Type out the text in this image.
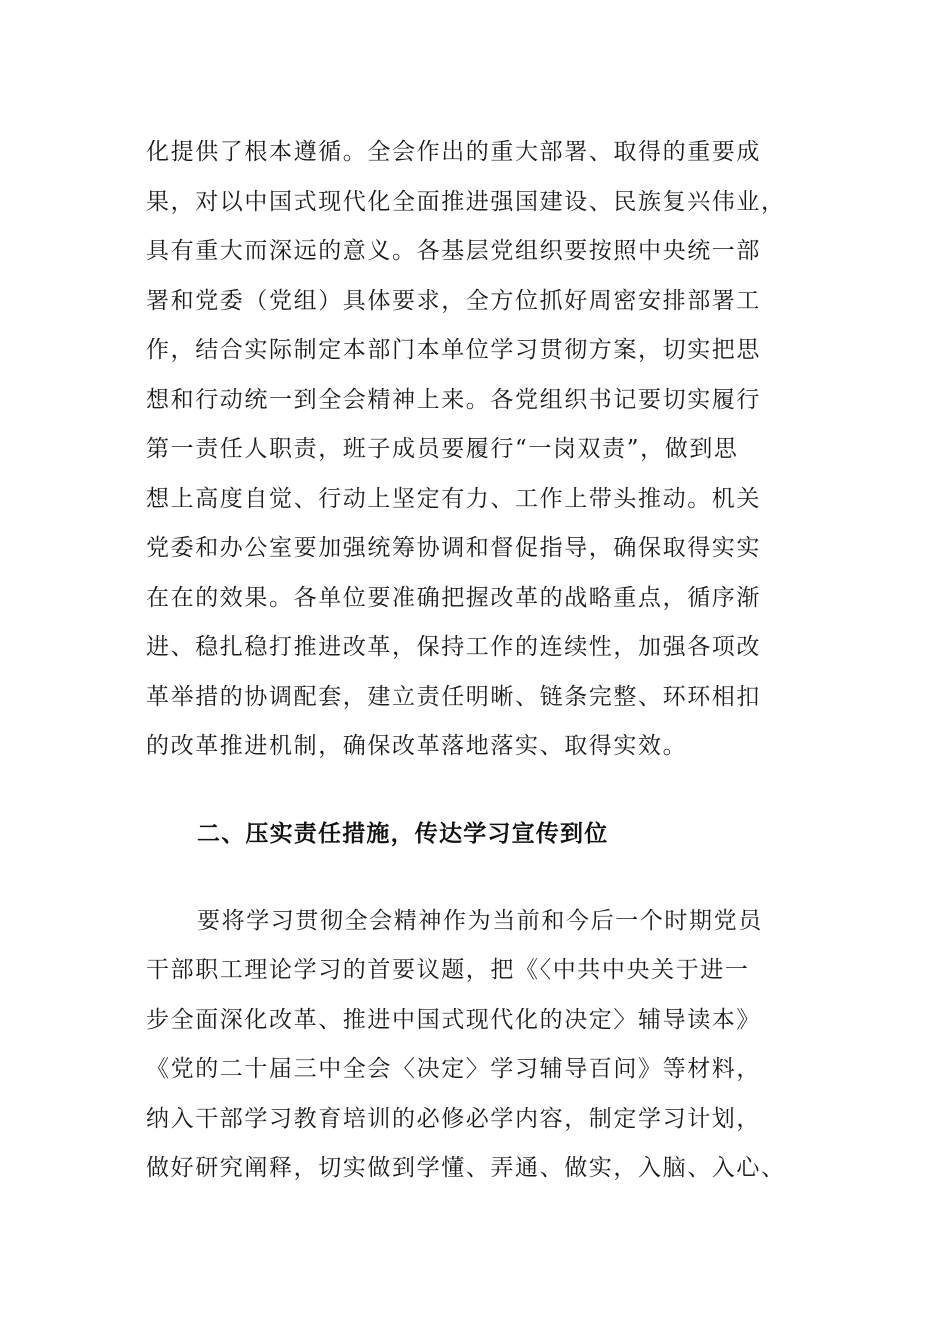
化提供了根本遵循。全会作出的重大部署、取得的重要成
果，对以中国式现代化全面推进强国建设、民族复兴伟业，
具有重大而深远的意义。各基层党组织要按照中央统一部
署和党委（党组）具体要求，全方位抓好周密安排部署工
作，结合实际制定本部门本单位学习贯彻方案，切实把思
想和行动统一到全会精神上来。各党组织书记要切实履行
第一责任人职责，班子成员要履行“一岗双责”，做到思
想上高度自觉、行动上坚定有力、工作上带头推动。机关
党委和办公室要加强统筹协调和督促指导，确保取得实实
在在的效果。各单位要准确把握改革的战略重点，循序渐
进、稳扎稳打推进改革，保持工作的连续性，加强各项改
革举措的协调配套，建立责任明晰、链条完整、环环相扣
的改革推进机制，确保改革落地落实、取得实效。
二、压实责任措施，传达学习宣传到位
要将学习贯彻全会精神作为当前和今后一个时期党员
干部职工理论学习的首要议题，把《〈中共中央关于进一
步全面深化改革、推进中国式现代化的决定〉辅导读本》
《党的二十届三中全会〈决定〉学习辅导百问》等材料，
纳入干部学习教育培训的必修必学内容，制定学习计划，
做好研究阐释，切实做到学懂、弄通、做实，入脑、入心、
